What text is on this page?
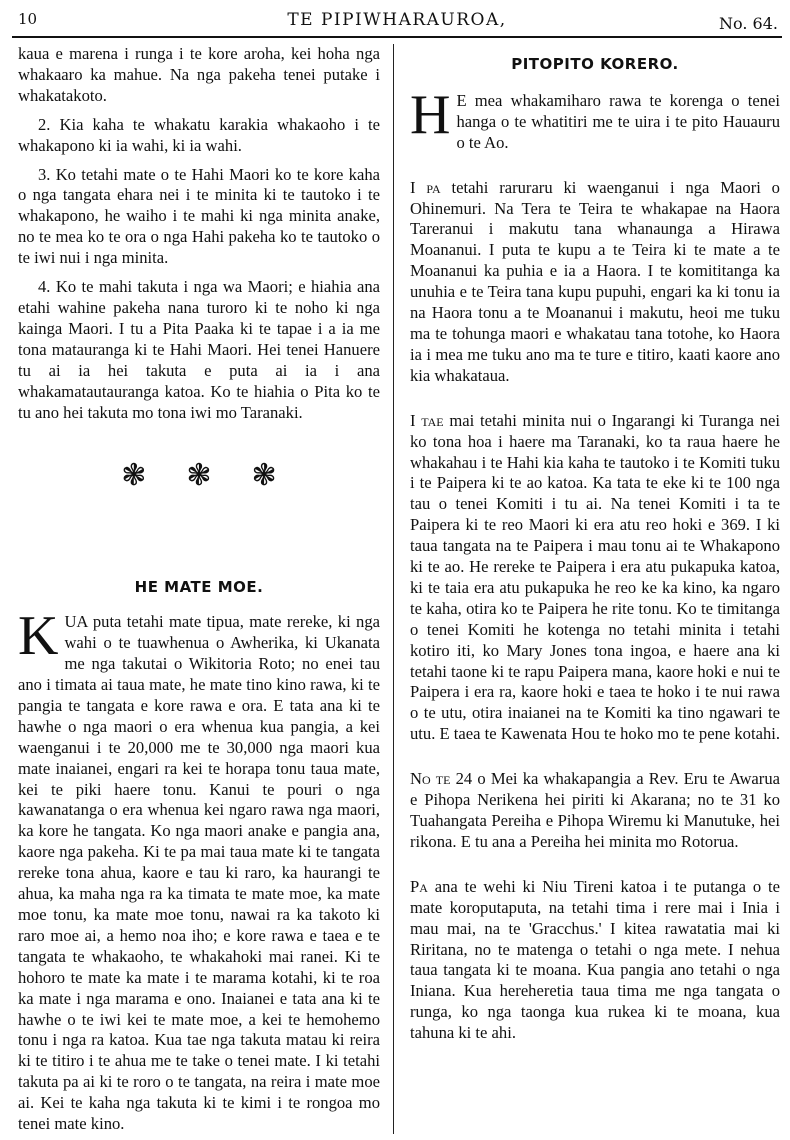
10	TE PIPIWHARAUROA,	No. 64.

kaua e marena i runga i te kore aroha, kei hoha nga whakaaro ka mahue. Na nga pakeha tenei putake i whakatakoto.

2. Kia kaha te whakatu karakia whakaoho i te whakapono ki ia wahi, ki ia wahi.

3. Ko tetahi mate o te Hahi Maori ko te kore kaha o nga tangata ehara nei i te minita ki te tautoko i te whakapono, he waiho i te mahi ki nga minita anake, no te mea ko te ora o nga Hahi pakeha ko te tautoko o te iwi nui i nga minita.

4. Ko te mahi takuta i nga wa Maori; e hiahia ana etahi wahine pakeha nana turoro ki te noho ki nga kainga Maori. I tu a Pita Paaka ki te tapae i a ia me tona matauranga ki te Hahi Maori. Hei tenei Hanuere tu ai ia hei takuta e puta ai ia i ana whakamatautauranga katoa. Ko te hiahia o Pita ko te tu ano hei takuta mo tona iwi mo Taranaki.

❃❃❃
HE MATE MOE.

KUA puta tetahi mate tipua, mate rereke, ki nga wahi o te tuawhenua o Awherika, ki Ukanata me nga takutai o Wikitoria Roto; no enei tau ano i timata ai taua mate, he mate tino kino rawa, ki te pangia te tangata e kore rawa e ora. E tata ana ki te hawhe o nga maori o era whenua kua pangia, a kei waenganui i te 20,000 me te 30,000 nga maori kua mate inaianei, engari ra kei te horapa tonu taua mate, kei te piki haere tonu. Kanui te pouri o nga kawanatanga o era whenua kei ngaro rawa nga maori, ka kore he tangata. Ko nga maori anake e pangia ana, kaore nga pakeha. Ki te pa mai taua mate ki te tangata rereke tona ahua, kaore e tau ki raro, ka haurangi te ahua, ka maha nga ra ka timata te mate moe, ka mate moe tonu, ka mate moe tonu, nawai ra ka takoto ki raro moe ai, a hemo noa iho; e kore rawa e taea e te tangata te whakaoho, te whakahoki mai ranei. Ki te hohoro te mate ka mate i te marama kotahi, ki te roa ka mate i nga marama e ono. Inaianei e tata ana ki te hawhe o te iwi kei te mate moe, a kei te hemohemo tonu i nga ra katoa. Kua tae nga takuta matau ki reira ki te titiro i te ahua me te take o tenei mate. I ki tetahi takuta pa ai ki te roro o te tangata, na reira i mate moe ai. Kei te kaha nga takuta ki te kimi i te rongoa mo tenei mate kino.

PITOPITO KORERO.

H E mea whakamiharo rawa te korenga o tenei hanga o te whatitiri me te uira i te pito Hauauru o te Ao.

I pa tetahi raruraru ki waenganui i nga Maori o Ohinemuri. Na Tera te Teira te whakapae na Haora Tareranui i makutu tana whanaunga a Hirawa Moananui. I puta te kupu a te Teira ki te mate a te Moananui ka puhia e ia a Haora. I te komititanga ka unuhia e te Teira tana kupu pupuhi, engari ka ki tonu ia na Haora tonu a te Moananui i makutu, heoi me tuku ma te tohunga maori e whakatau tana totohe, ko Haora ia i mea me tuku ano ma te ture e titiro, kaati kaore ano kia whakataua.

I tae mai tetahi minita nui o Ingarangi ki Turanga nei ko tona hoa i haere ma Taranaki, ko ta raua haere he whakahau i te Hahi kia kaha te tautoko i te Komiti tuku i te Paipera ki te ao katoa. Ka tata te eke ki te 100 nga tau o tenei Komiti i tu ai. Na tenei Komiti i ta te Paipera ki te reo Maori ki era atu reo hoki e 369. I ki taua tangata na te Paipera i mau tonu ai te Whakapono ki te ao. He rereke te Paipera i era atu pukapuka katoa, ki te taia era atu pukapuka he reo ke ka kino, ka ngaro te kaha, otira ko te Paipera he rite tonu. Ko te timitanga o tenei Komiti he kotenga no tetahi minita i tetahi kotiro iti, ko Mary Jones tona ingoa, e haere ana ki tetahi taone ki te rapu Paipera mana, kaore hoki e nui te Paipera i era ra, kaore hoki e taea te hoko i te nui rawa o te utu, otira inaianei na te Komiti ka tino ngawari te utu. E taea te Kawenata Hou te hoko mo te pene kotahi.

No te 24 o Mei ka whakapangia a Rev. Eru te Awarua e Pihopa Nerikena hei piriti ki Akarana; no te 31 ko Tuahangata Pereiha e Pihopa Wiremu ki Manutuke, hei rikona. E tu ana a Pereiha hei minita mo Rotorua.

Pa ana te wehi ki Niu Tireni katoa i te putanga o te mate koroputaputa, na tetahi tima i rere mai i Inia i mau mai, na te 'Gracchus.' I kitea rawatatia mai ki Riritana, no te matenga o tetahi o nga mete. I nehua taua tangata ki te moana. Kua pangia ano tetahi o nga Iniana. Kua hereheretia taua tima me nga tangata o runga, ko nga taonga kua rukea ki te moana, kua tahuna ki te ahi.
